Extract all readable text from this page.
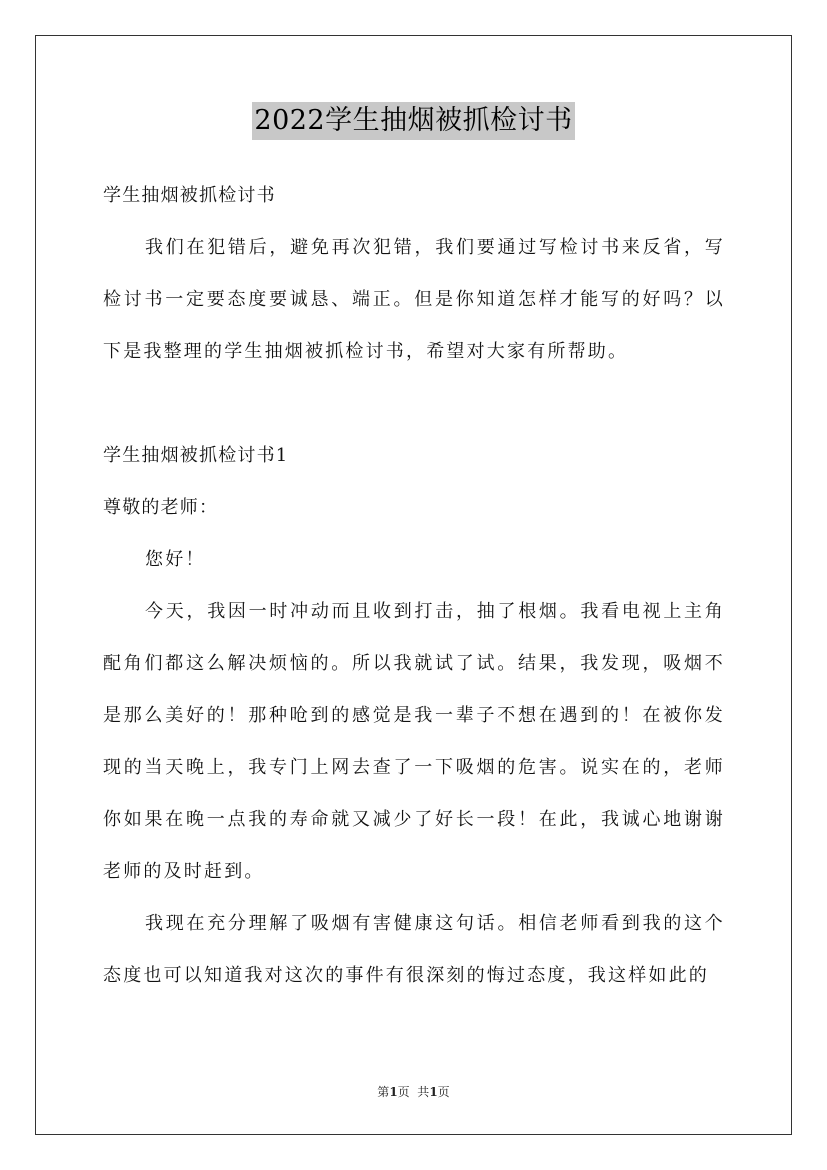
2022学生抽烟被抓检讨书
学生抽烟被抓检讨书

我们在犯错后，避免再次犯错，我们要通过写检讨书来反省，写检讨书一定要态度要诚恳、端正。但是你知道怎样才能写的好吗？以下是我整理的学生抽烟被抓检讨书，希望对大家有所帮助。

学生抽烟被抓检讨书1
尊敬的老师：

您好！

今天，我因一时冲动而且收到打击，抽了根烟。我看电视上主角配角们都这么解决烦恼的。所以我就试了试。结果，我发现，吸烟不是那么美好的！那种呛到的感觉是我一辈子不想在遇到的！在被你发现的当天晚上，我专门上网去查了一下吸烟的危害。说实在的，老师你如果在晚一点我的寿命就又减少了好长一段！在此，我诚心地谢谢老师的及时赶到。

我现在充分理解了吸烟有害健康这句话。相信老师看到我的这个态度也可以知道我对这次的事件有很深刻的悔过态度，我这样如此的

第1页  共1页
